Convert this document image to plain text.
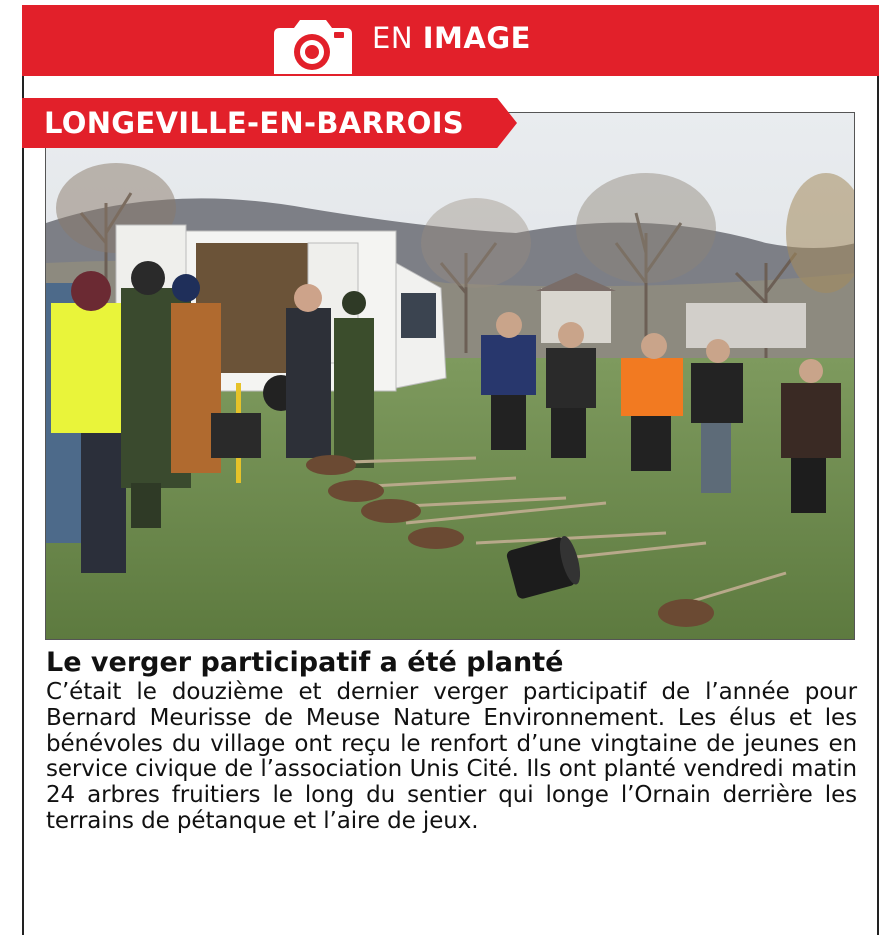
EN IMAGE
LONGEVILLE-EN-BARROIS
Le verger participatif a été planté

C’était le douzième et dernier verger participatif de l’année pour Bernard Meurisse de Meuse Nature Environnement. Les élus et les bénévoles du village ont reçu le renfort d’une vingtaine de jeunes en service civique de l’association Unis Cité. Ils ont planté vendredi matin 24 arbres fruitiers le long du sentier qui longe l’Ornain derrière les terrains de pétanque et l’aire de jeux.
